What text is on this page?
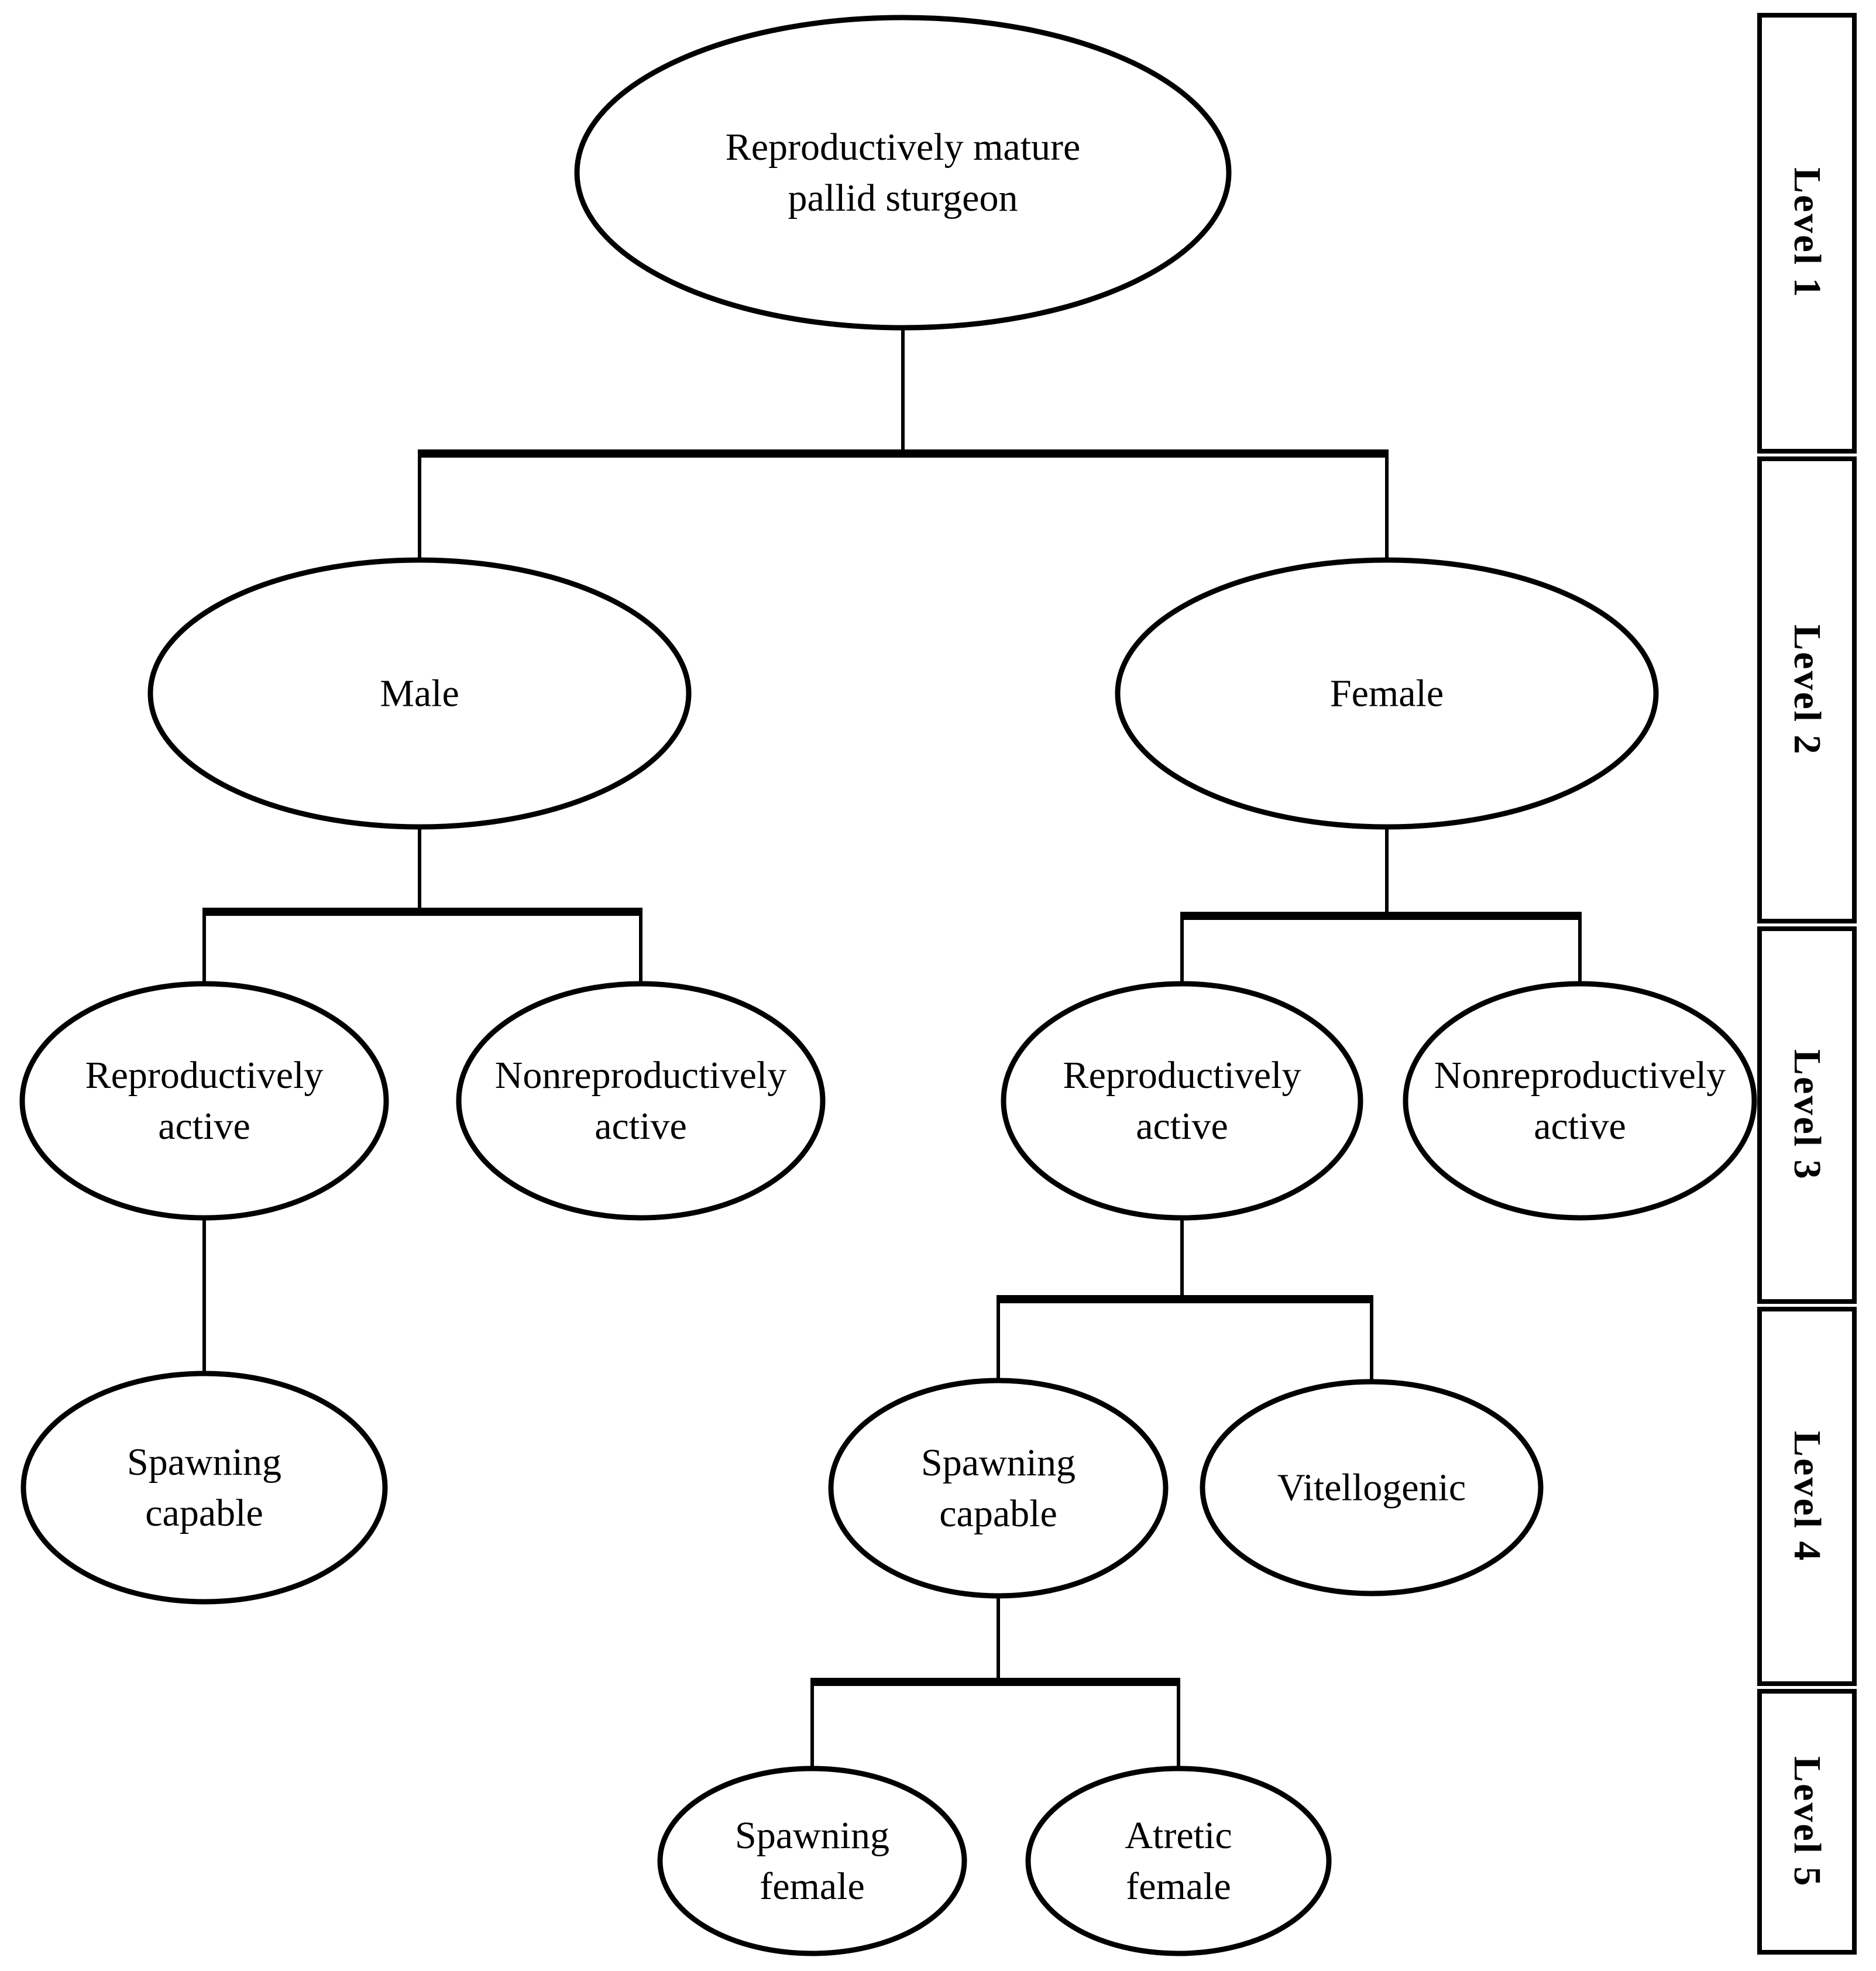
Reproductively mature
pallid sturgeon
Male	Female
Reproductively
active
Nonreproductively
active
Reproductively
active
Nonreproductively
active
Spawning
capable
Spawning
capable
Vitellogenic
Spawning
female
Atretic
female
Level 1
Level 2
Level 3
Level 4
Level 5
